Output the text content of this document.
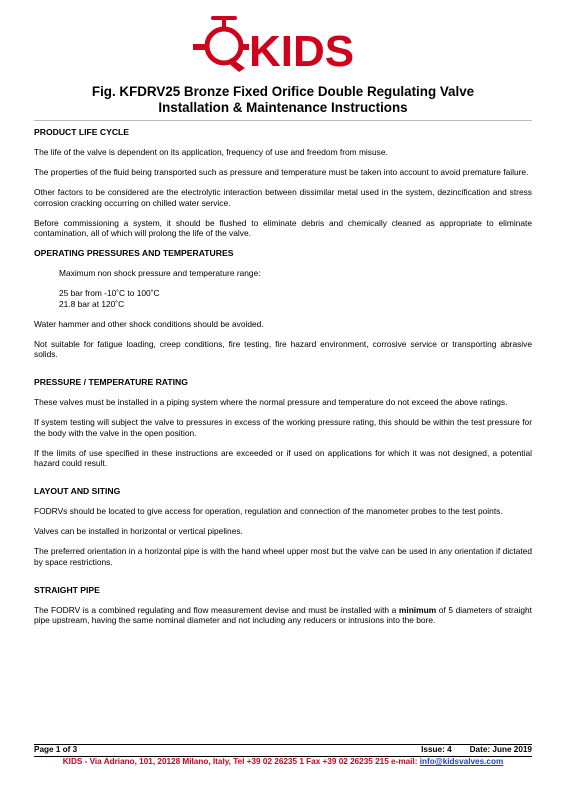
KIDS
Fig. KFDRV25 Bronze Fixed Orifice Double Regulating Valve
Installation & Maintenance Instructions
PRODUCT LIFE CYCLE

The life of the valve is dependent on its application, frequency of use and freedom from misuse.

The properties of the fluid being transported such as pressure and temperature must be taken into account to avoid premature failure.

Other factors to be considered are the electrolytic interaction between dissimilar metal used in the system, dezincification and stress corrosion cracking occurring on chilled water service.

Before commissioning a system, it should be flushed to eliminate debris and chemically cleaned as appropriate to eliminate contamination, all of which will prolong the life of the valve.

OPERATING PRESSURES AND TEMPERATURES

Maximum non shock pressure and temperature range:

25 bar from -10˚C to 100˚C

21.8 bar at 120˚C

Water hammer and other shock conditions should be avoided.

Not suitable for fatigue loading, creep conditions, fire testing, fire hazard environment, corrosive service or transporting abrasive solids.

PRESSURE / TEMPERATURE RATING

These valves must be installed in a piping system where the normal pressure and temperature do not exceed the above ratings.

If system testing will subject the valve to pressures in excess of the working pressure rating, this should be within the test pressure for the body with the valve in the open position.

If the limits of use specified in these instructions are exceeded or if used on applications for which it was not designed, a potential hazard could result.

LAYOUT AND SITING

FODRVs should be located to give access for operation, regulation and connection of the manometer probes to the test points.

Valves can be installed in horizontal or vertical pipelines.

The preferred orientation in a horizontal pipe is with the hand wheel upper most but the valve can be used in any orientation if dictated by space restrictions.

STRAIGHT PIPE

The FODRV is a combined regulating and flow measurement devise and must be installed with a minimum of 5 diameters of straight pipe upstream, having the same nominal diameter and not including any reducers or intrusions into the bore.

Page 1 of 3	Issue: 4 Date: June 2019
KIDS - Via Adriano, 101, 20128 Milano, Italy, Tel +39 02 26235 1 Fax +39 02 26235 215 e-mail: info@kidsvalves.com
